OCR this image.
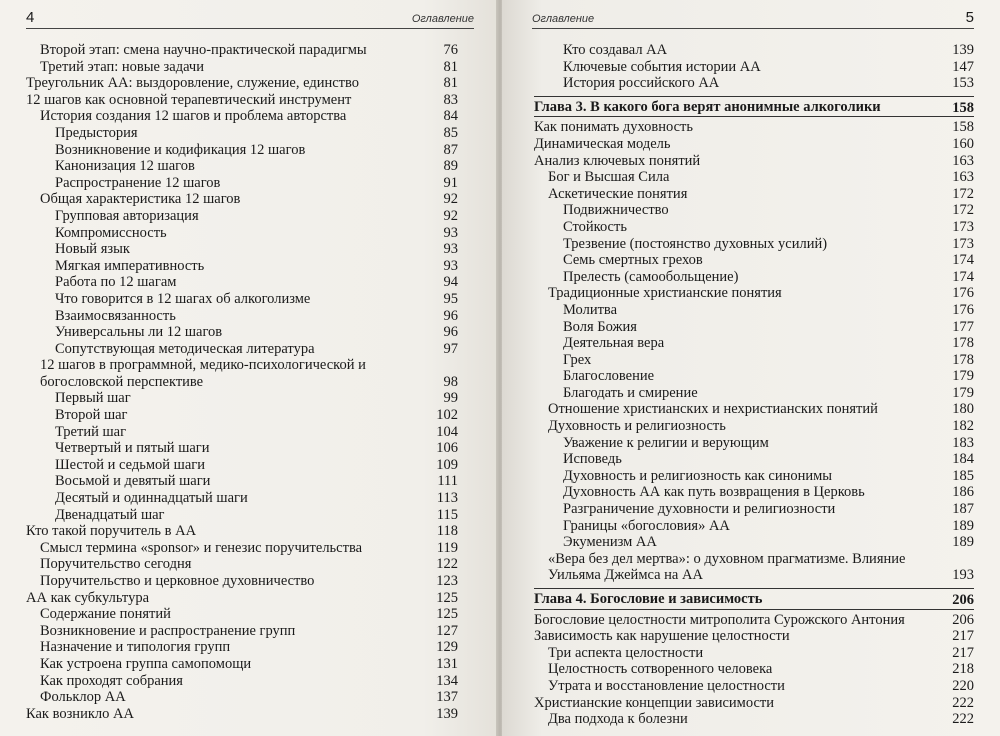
4	Оглавление
Второй этап: смена научно-практической парадигмы	76
Третий этап: новые задачи	81
Треугольник АА: выздоровление, служение, единство	81
12 шагов как основной терапевтический инструмент	83
История создания 12 шагов и проблема авторства	84
Предыстория	85
Возникновение и кодификация 12 шагов	87
Канонизация 12 шагов	89
Распространение 12 шагов	91
Общая характеристика 12 шагов	92
Групповая авторизация	92
Компромиссность	93
Новый язык	93
Мягкая императивность	93
Работа по 12 шагам	94
Что говорится в 12 шагах об алкоголизме	95
Взаимосвязанность	96
Универсальны ли 12 шагов	96
Сопутствующая методическая литература	97
12 шагов в программной, медико-психологической и богословской перспективе	98
Первый шаг	99
Второй шаг	102
Третий шаг	104
Четвертый и пятый шаги	106
Шестой и седьмой шаги	109
Восьмой и девятый шаги	111
Десятый и одиннадцатый шаги	113
Двенадцатый шаг	115
Кто такой поручитель в АА	118
Смысл термина «sponsor» и генезис поручительства	119
Поручительство сегодня	122
Поручительство и церковное духовничество	123
АА как субкультура	125
Содержание понятий	125
Возникновение и распространение групп	127
Назначение и типология групп	129
Как устроена группа самопомощи	131
Как проходят собрания	134
Фольклор АА	137
Как возникло АА	139
Оглавление	5
Кто создавал АА	139
Ключевые события истории АА	147
История российского АА	153
Глава 3. В какого бога верят анонимные алкоголики	158
Как понимать духовность	158
Динамическая модель	160
Анализ ключевых понятий	163
Бог и Высшая Сила	163
Аскетические понятия	172
Подвижничество	172
Стойкость	173
Трезвение (постоянство духовных усилий)	173
Семь смертных грехов	174
Прелесть (самообольщение)	174
Традиционные христианские понятия	176
Молитва	176
Воля Божия	177
Деятельная вера	178
Грех	178
Благословение	179
Благодать и смирение	179
Отношение христианских и нехристианских понятий	180
Духовность и религиозность	182
Уважение к религии и верующим	183
Исповедь	184
Духовность и религиозность как синонимы	185
Духовность АА как путь возвращения в Церковь	186
Разграничение духовности и религиозности	187
Границы «богословия» АА	189
Экуменизм АА	189
«Вера без дел мертва»: о духовном прагматизме. Влияние Уильяма Джеймса на АА	193
Глава 4. Богословие и зависимость	206
Богословие целостности митрополита Сурожского Антония	206
Зависимость как нарушение целостности	217
Три аспекта целостности	217
Целостность сотворенного человека	218
Утрата и восстановление целостности	220
Христианские концепции зависимости	222
Два подхода к болезни	222
